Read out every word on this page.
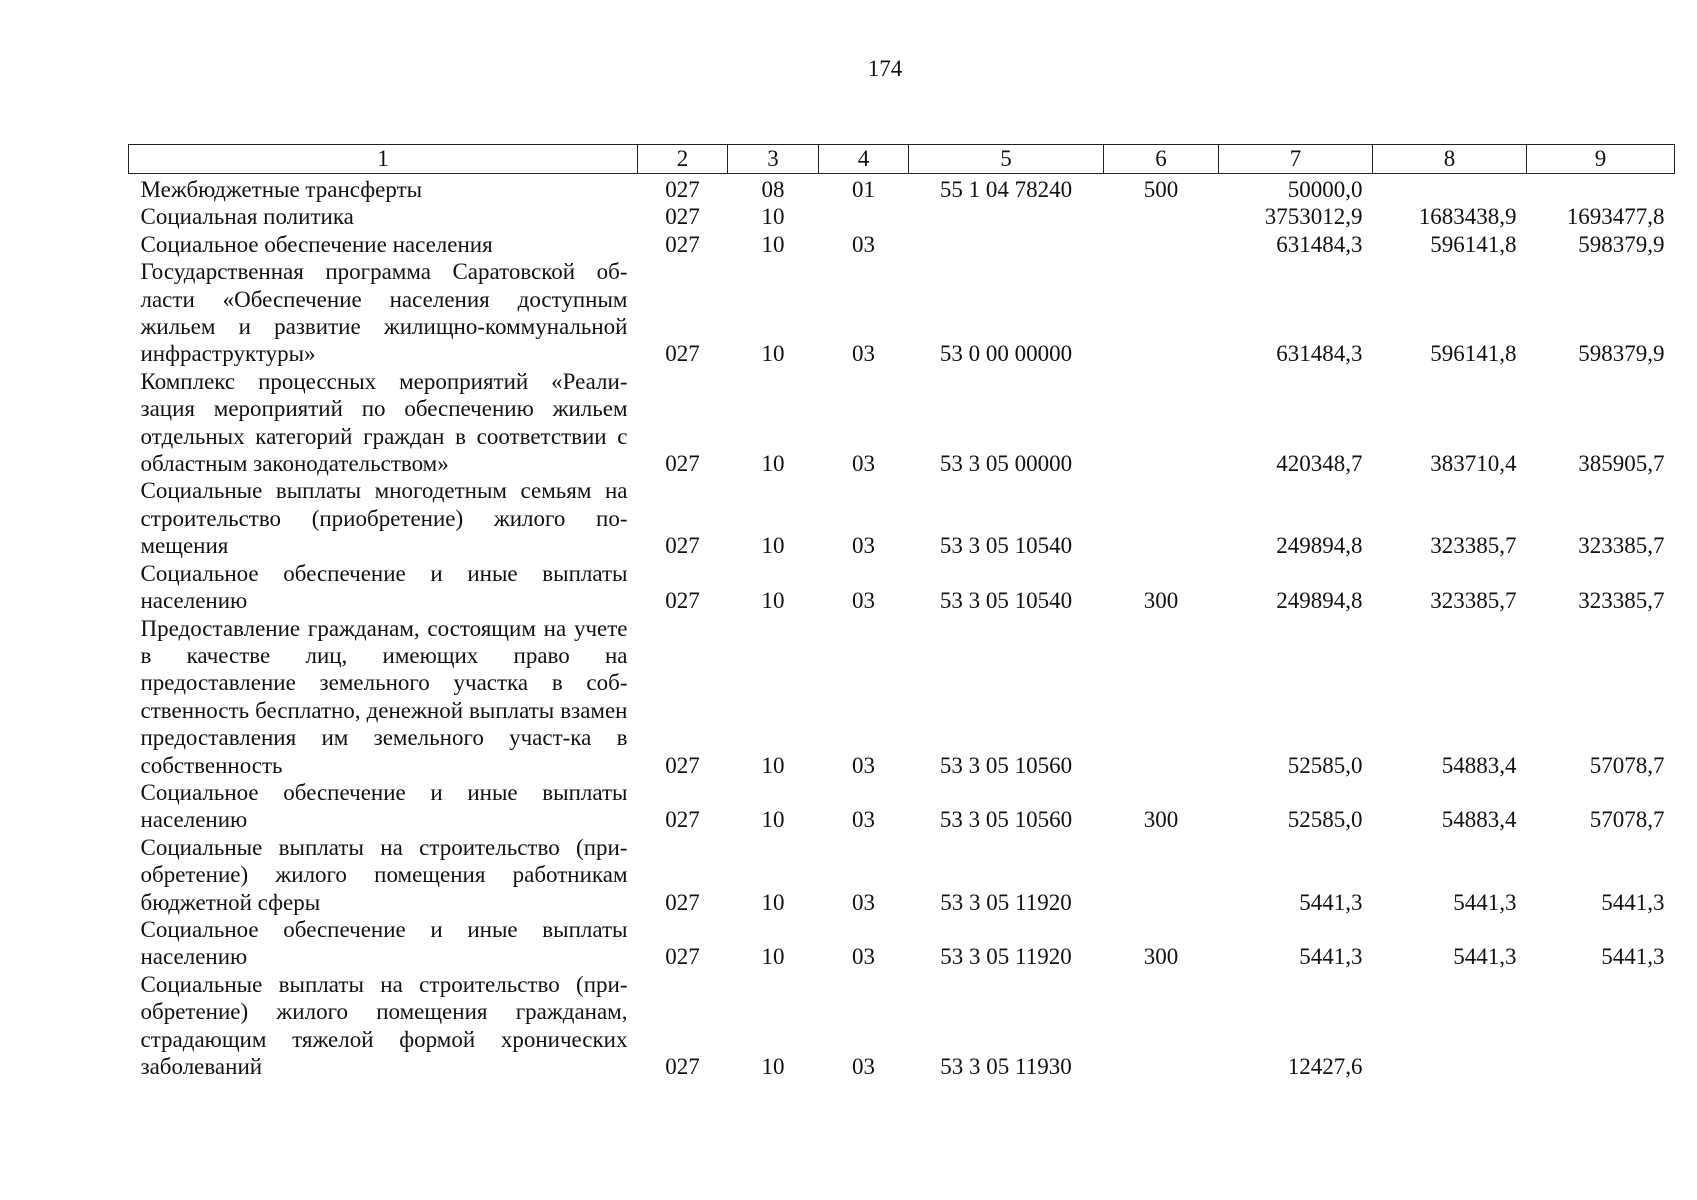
174
1	2	3	4	5	6	7	8	9
Межбюджетные трансферты	027	08	01	55 1 04 78240	500	50000,0		
Социальная политика	027	10				3753012,9	1683438,9	1693477,8
Социальное обеспечение населения	027	10	03			631484,3	596141,8	598379,9
Государственная программа Саратовской об-ласти «Обеспечение населения доступным жильем и развитие жилищно-коммунальной инфраструктуры»	027	10	03	53 0 00 00000		631484,3	596141,8	598379,9
Комплекс процессных мероприятий «Реали-зация мероприятий по обеспечению жильем отдельных категорий граждан в соответствии с областным законодательством»	027	10	03	53 3 05 00000		420348,7	383710,4	385905,7
Социальные выплаты многодетным семьям на строительство (приобретение) жилого по-мещения	027	10	03	53 3 05 10540		249894,8	323385,7	323385,7
Социальное обеспечение и иные выплаты населению	027	10	03	53 3 05 10540	300	249894,8	323385,7	323385,7
Предоставление гражданам, состоящим на учете в качестве лиц, имеющих право на предоставление земельного участка в соб-ственность бесплатно, денежной выплаты взамен предоставления им земельного участ-ка в собственность	027	10	03	53 3 05 10560		52585,0	54883,4	57078,7
Социальное обеспечение и иные выплаты населению	027	10	03	53 3 05 10560	300	52585,0	54883,4	57078,7
Социальные выплаты на строительство (при-обретение) жилого помещения работникам бюджетной сферы	027	10	03	53 3 05 11920		5441,3	5441,3	5441,3
Социальное обеспечение и иные выплаты населению	027	10	03	53 3 05 11920	300	5441,3	5441,3	5441,3
Социальные выплаты на строительство (при-обретение) жилого помещения гражданам, страдающим тяжелой формой хронических заболеваний	027	10	03	53 3 05 11930		12427,6		
